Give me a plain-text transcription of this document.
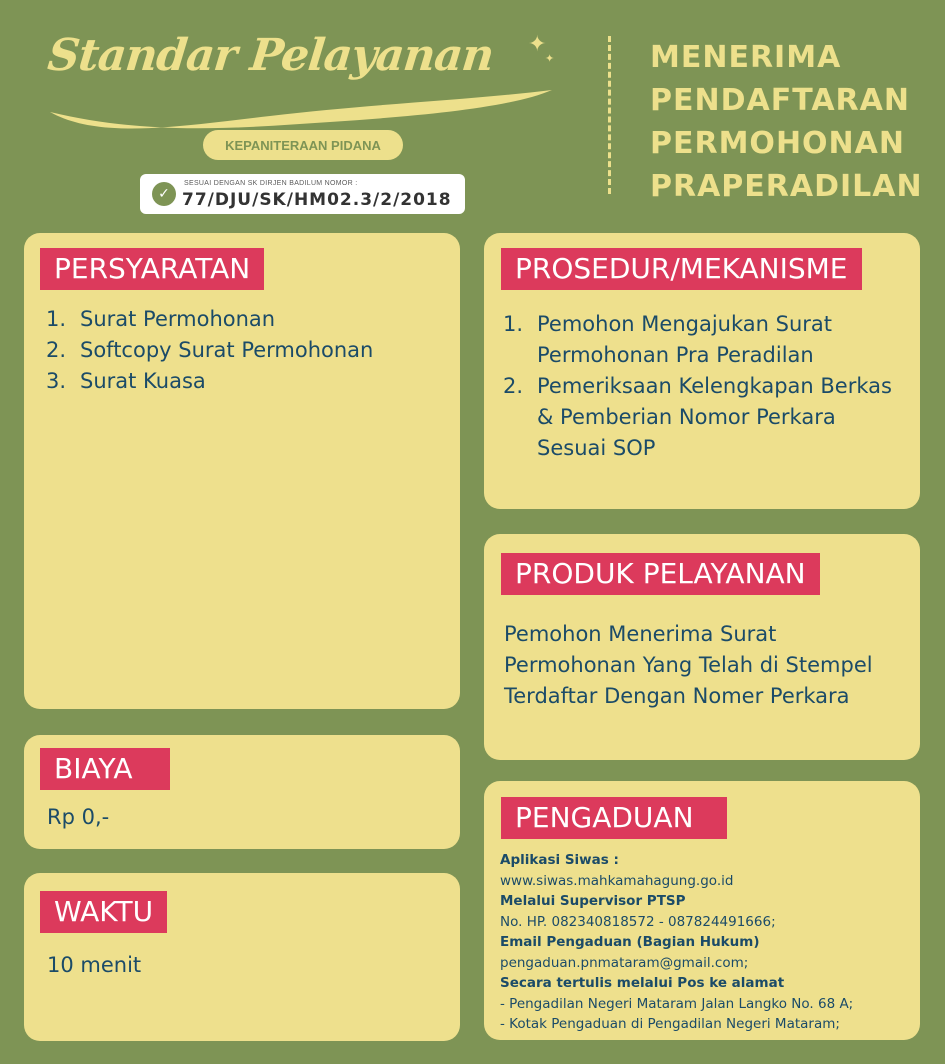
Standar Pelayanan ✦
✦
KEPANITERAAN PIDANA
✓
SESUAI DENGAN SK DIRJEN BADILUM NOMOR :
77/DJU/SK/HM02.3/2/2018
MENERIMA
PENDAFTARAN
PERMOHONAN
PRAPERADILAN
PERSYARATAN
1. Surat Permohonan
2. Softcopy Surat Permohonan
3. Surat Kuasa
PROSEDUR/MEKANISME
1. Pemohon Mengajukan Surat
Permohonan Pra Peradilan
2. Pemeriksaan Kelengkapan Berkas
& Pemberian Nomor Perkara
Sesuai SOP
PRODUK PELAYANAN
Pemohon Menerima Surat
Permohonan Yang Telah di Stempel
Terdaftar Dengan Nomer Perkara
BIAYA
Rp 0,-
WAKTU
10 menit
PENGADUAN
Aplikasi Siwas :
www.siwas.mahkamahagung.go.id
Melalui Supervisor PTSP
No. HP. 082340818572 - 087824491666;
Email Pengaduan (Bagian Hukum)
pengaduan.pnmataram@gmail.com;
Secara tertulis melalui Pos ke alamat
- Pengadilan Negeri Mataram Jalan Langko No. 68 A;
- Kotak Pengaduan di Pengadilan Negeri Mataram;
